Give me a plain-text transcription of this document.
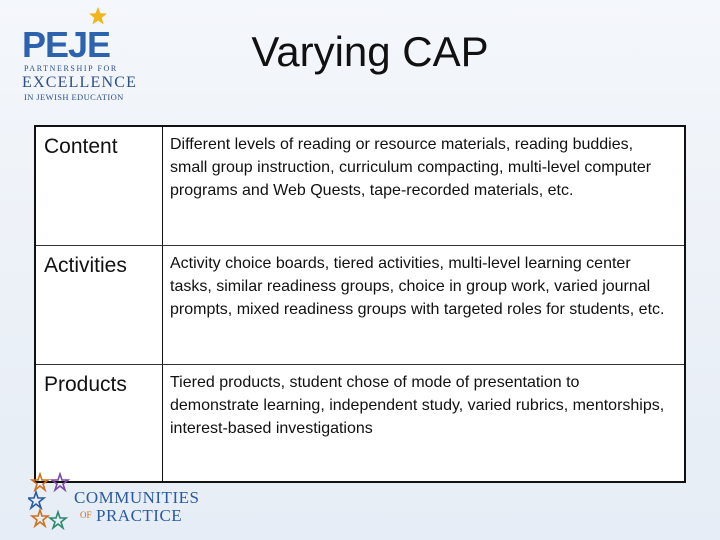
PEJE
PARTNERSHIP FOR
EXCELLENCE
IN JEWISH EDUCATION
Varying CAP
Content	Different levels of reading or resource materials, reading buddies, small group instruction, curriculum compacting, multi-level computer programs and Web Quests, tape-recorded materials, etc.
Activities	Activity choice boards, tiered activities, multi-level learning center tasks, similar readiness groups, choice in group work, varied journal prompts, mixed readiness groups with targeted roles for students, etc.
Products	Tiered products, student chose of mode of presentation to demonstrate learning, independent study, varied rubrics, mentorships, interest-based investigations
COMMUNITIES
OF PRACTICE
